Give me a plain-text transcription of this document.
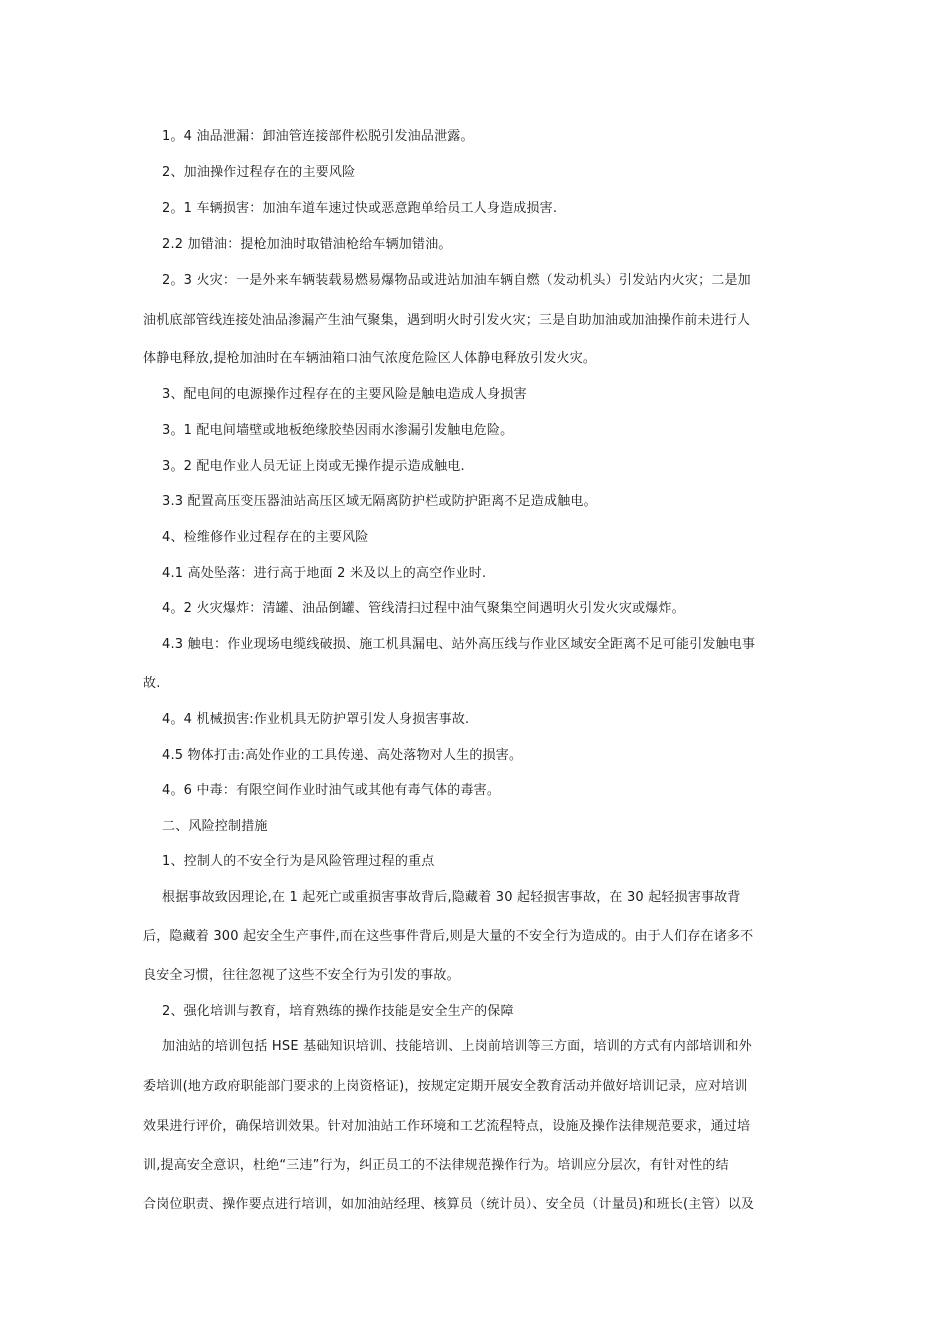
1。4 油品泄漏：卸油管连接部件松脱引发油品泄露。
2、加油操作过程存在的主要风险
2。1 车辆损害：加油车道车速过快或恶意跑单给员工人身造成损害.
2.2 加错油：提枪加油时取错油枪给车辆加错油。
2。3 火灾：一是外来车辆装载易燃易爆物品或进站加油车辆自燃（发动机头）引发站内火灾；二是加
油机底部管线连接处油品渗漏产生油气聚集，遇到明火时引发火灾；三是自助加油或加油操作前未进行人
体静电释放,提枪加油时在车辆油箱口油气浓度危险区人体静电释放引发火灾。
3、配电间的电源操作过程存在的主要风险是触电造成人身损害
3。1 配电间墙壁或地板绝缘胶垫因雨水渗漏引发触电危险。
3。2 配电作业人员无证上岗或无操作提示造成触电.
3.3 配置高压变压器油站高压区域无隔离防护栏或防护距离不足造成触电。
4、检维修作业过程存在的主要风险
4.1 高处坠落：进行高于地面 2 米及以上的高空作业时.
4。2 火灾爆炸：清罐、油品倒罐、管线清扫过程中油气聚集空间遇明火引发火灾或爆炸。
4.3 触电：作业现场电缆线破损、施工机具漏电、站外高压线与作业区域安全距离不足可能引发触电事
故.
4。4 机械损害:作业机具无防护罩引发人身损害事故.
4.5 物体打击:高处作业的工具传递、高处落物对人生的损害。
4。6 中毒：有限空间作业时油气或其他有毒气体的毒害。
二、风险控制措施
1、控制人的不安全行为是风险管理过程的重点
根据事故致因理论,在 1 起死亡或重损害事故背后,隐藏着 30 起轻损害事故，在 30 起轻损害事故背
后，隐藏着 300 起安全生产事件,而在这些事件背后,则是大量的不安全行为造成的。由于人们存在诸多不
良安全习惯，往往忽视了这些不安全行为引发的事故。
2、强化培训与教育，培育熟练的操作技能是安全生产的保障
加油站的培训包括 HSE 基础知识培训、技能培训、上岗前培训等三方面，培训的方式有内部培训和外
委培训(地方政府职能部门要求的上岗资格证)，按规定定期开展安全教育活动并做好培训记录，应对培训
效果进行评价，确保培训效果。针对加油站工作环境和工艺流程特点，设施及操作法律规范要求，通过培
训,提高安全意识，杜绝“三违”行为，纠正员工的不法律规范操作行为。培训应分层次，有针对性的结
合岗位职责、操作要点进行培训，如加油站经理、核算员（统计员）、安全员（计量员)和班长(主管）以及
